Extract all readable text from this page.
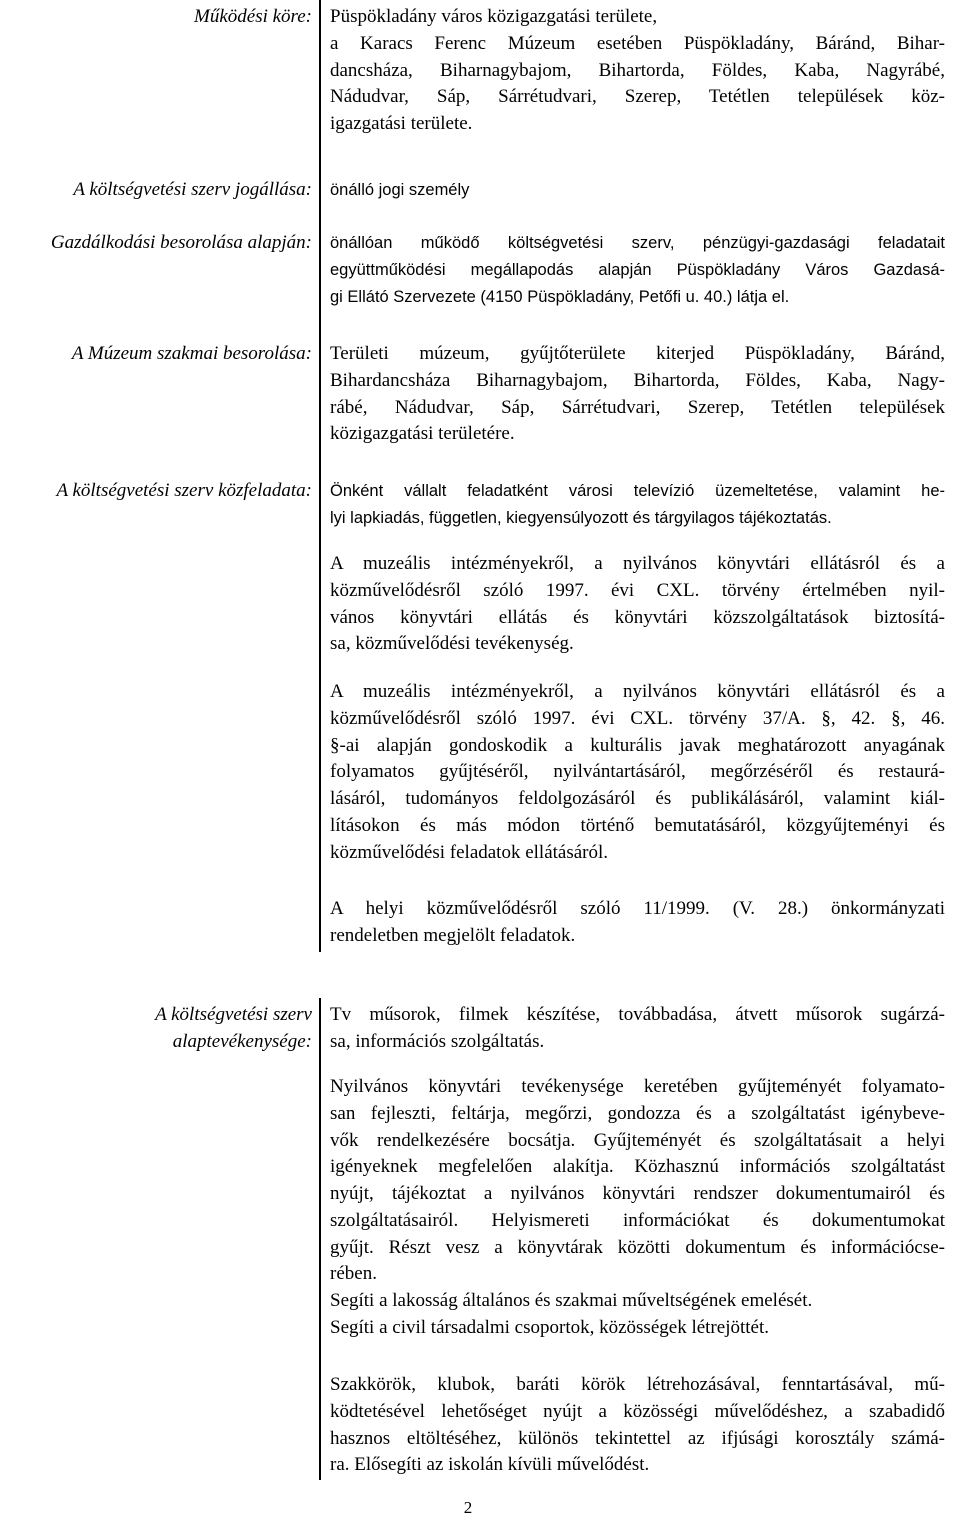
Működési köre: Püspökladány város közigazgatási területe,
a Karacs Ferenc Múzeum esetében Püspökladány, Báránd, Bihar-
dancsháza, Biharnagybajom, Bihartorda, Földes, Kaba, Nagyrábé,
Nádudvar, Sáp, Sárrétudvari, Szerep, Tetétlen települések köz-
igazgatási területe.
A költségvetési szerv jogállása: önálló jogi személy
Gazdálkodási besorolása alapján: önállóan működő költségvetési szerv, pénzügyi-gazdasági feladatait
együttműködési megállapodás alapján Püspökladány Város Gazdasá-
gi Ellátó Szervezete (4150 Püspökladány, Petőfi u. 40.) látja el.
A Múzeum szakmai besorolása: Területi múzeum, gyűjtőterülete kiterjed Püspökladány, Báránd,
Bihardancsháza Biharnagybajom, Bihartorda, Földes, Kaba, Nagy-
rábé, Nádudvar, Sáp, Sárrétudvari, Szerep, Tetétlen települések
közigazgatási területére.
A költségvetési szerv közfeladata: Önként vállalt feladatként városi televízió üzemeltetése, valamint he-
lyi lapkiadás, független, kiegyensúlyozott és tárgyilagos tájékoztatás.
A muzeális intézményekről, a nyilvános könyvtári ellátásról és a
közművelődésről szóló 1997. évi CXL. törvény értelmében nyil-
vános könyvtári ellátás és könyvtári közszolgáltatások biztosítá-
sa, közművelődési tevékenység.
A muzeális intézményekről, a nyilvános könyvtári ellátásról és a
közművelődésről szóló 1997. évi CXL. törvény 37/A. §, 42. §, 46.
§-ai alapján gondoskodik a kulturális javak meghatározott anyagának
folyamatos gyűjtéséről, nyilvántartásáról, megőrzéséről és restaurá-
lásáról, tudományos feldolgozásáról és publikálásáról, valamint kiál-
lításokon és más módon történő bemutatásáról, közgyűjteményi és
közművelődési feladatok ellátásáról.
A helyi közművelődésről szóló 11/1999. (V. 28.) önkormányzati
rendeletben megjelölt feladatok.
A költségvetési szerv
alaptevékenysége:
Tv műsorok, filmek készítése, továbbadása, átvett műsorok sugárzá-
sa, információs szolgáltatás.
Nyilvános könyvtári tevékenysége keretében gyűjteményét folyamato-
san fejleszti, feltárja, megőrzi, gondozza és a szolgáltatást igénybeve-
vők rendelkezésére bocsátja. Gyűjteményét és szolgáltatásait a helyi
igényeknek megfelelően alakítja. Közhasznú információs szolgáltatást
nyújt, tájékoztat a nyilvános könyvtári rendszer dokumentumairól és
szolgáltatásairól. Helyismereti információkat és dokumentumokat
gyűjt. Részt vesz a könyvtárak közötti dokumentum és információcse-
rében.
Segíti a lakosság általános és szakmai műveltségének emelését.
Segíti a civil társadalmi csoportok, közösségek létrejöttét.
Szakkörök, klubok, baráti körök létrehozásával, fenntartásával, mű-
ködtetésével lehetőséget nyújt a közösségi művelődéshez, a szabadidő
hasznos eltöltéséhez, különös tekintettel az ifjúsági korosztály számá-
ra. Elősegíti az iskolán kívüli művelődést.
2
